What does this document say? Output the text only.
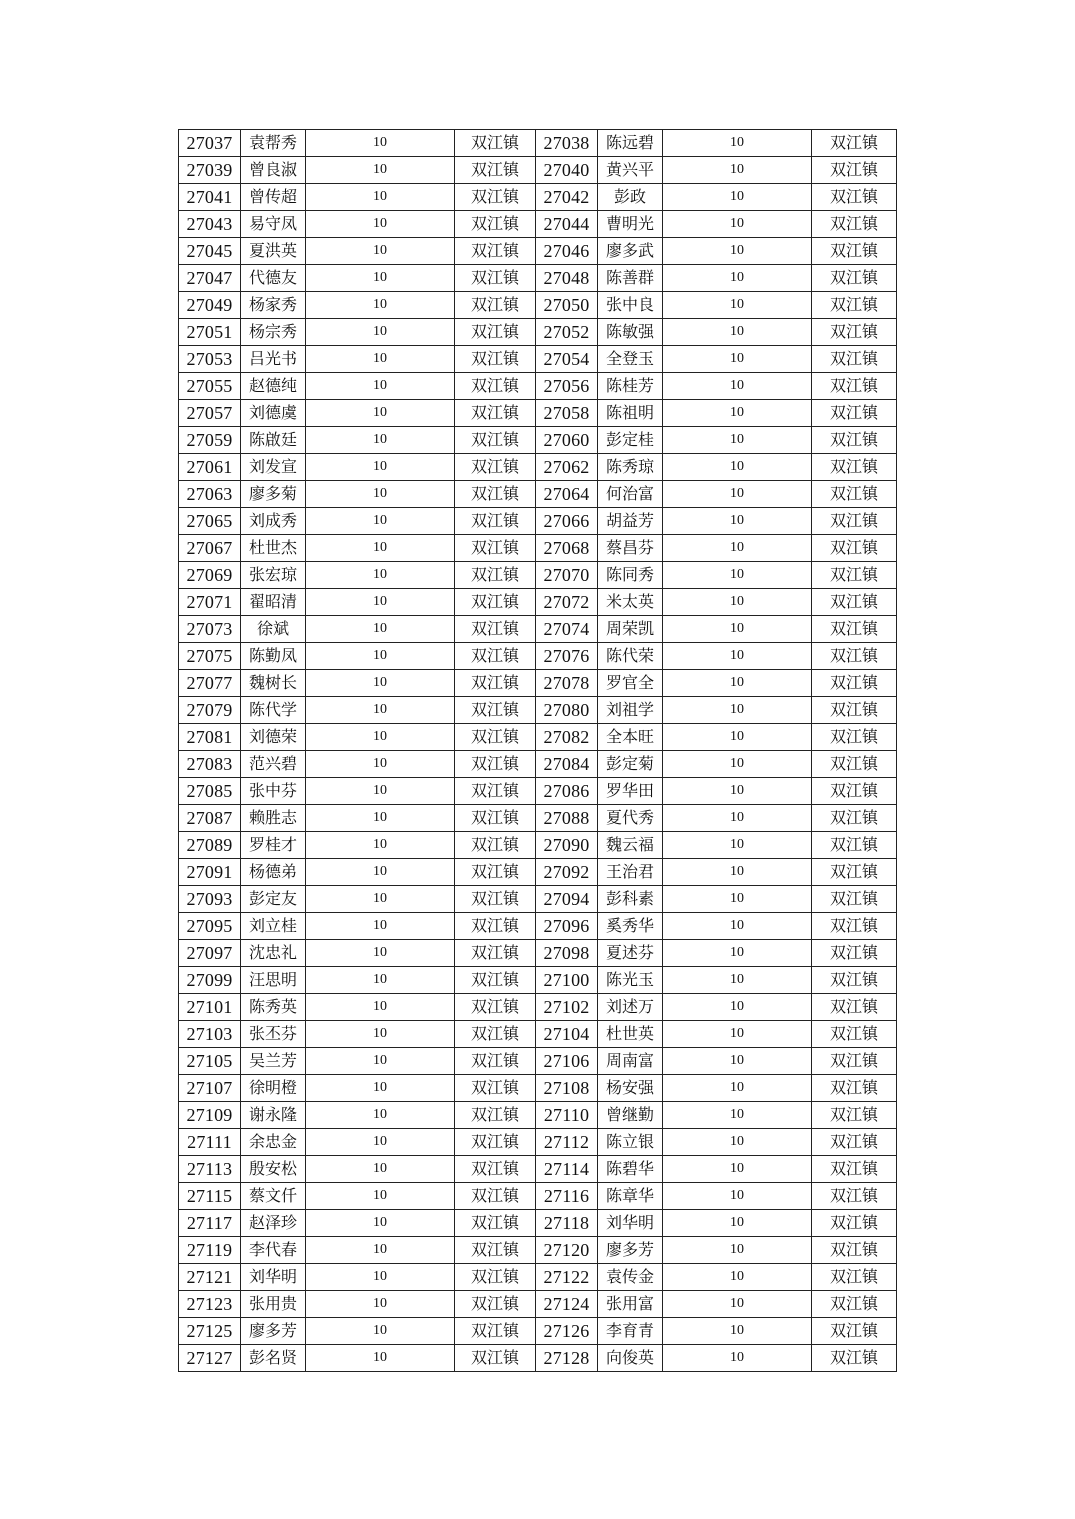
27037	袁帮秀	10	双江镇	27038	陈远碧	10	双江镇
27039	曾良淑	10	双江镇	27040	黄兴平	10	双江镇
27041	曾传超	10	双江镇	27042	彭政	10	双江镇
27043	易守凤	10	双江镇	27044	曹明光	10	双江镇
27045	夏洪英	10	双江镇	27046	廖多武	10	双江镇
27047	代德友	10	双江镇	27048	陈善群	10	双江镇
27049	杨家秀	10	双江镇	27050	张中良	10	双江镇
27051	杨宗秀	10	双江镇	27052	陈敏强	10	双江镇
27053	吕光书	10	双江镇	27054	全登玉	10	双江镇
27055	赵德纯	10	双江镇	27056	陈桂芳	10	双江镇
27057	刘德虞	10	双江镇	27058	陈祖明	10	双江镇
27059	陈啟廷	10	双江镇	27060	彭定桂	10	双江镇
27061	刘发宣	10	双江镇	27062	陈秀琼	10	双江镇
27063	廖多菊	10	双江镇	27064	何治富	10	双江镇
27065	刘成秀	10	双江镇	27066	胡益芳	10	双江镇
27067	杜世杰	10	双江镇	27068	蔡昌芬	10	双江镇
27069	张宏琼	10	双江镇	27070	陈同秀	10	双江镇
27071	翟昭清	10	双江镇	27072	米太英	10	双江镇
27073	徐斌	10	双江镇	27074	周荣凯	10	双江镇
27075	陈勤凤	10	双江镇	27076	陈代荣	10	双江镇
27077	魏树长	10	双江镇	27078	罗官全	10	双江镇
27079	陈代学	10	双江镇	27080	刘祖学	10	双江镇
27081	刘德荣	10	双江镇	27082	全本旺	10	双江镇
27083	范兴碧	10	双江镇	27084	彭定菊	10	双江镇
27085	张中芬	10	双江镇	27086	罗华田	10	双江镇
27087	赖胜志	10	双江镇	27088	夏代秀	10	双江镇
27089	罗桂才	10	双江镇	27090	魏云福	10	双江镇
27091	杨德弟	10	双江镇	27092	王治君	10	双江镇
27093	彭定友	10	双江镇	27094	彭科素	10	双江镇
27095	刘立桂	10	双江镇	27096	奚秀华	10	双江镇
27097	沈忠礼	10	双江镇	27098	夏述芬	10	双江镇
27099	汪思明	10	双江镇	27100	陈光玉	10	双江镇
27101	陈秀英	10	双江镇	27102	刘述万	10	双江镇
27103	张丕芬	10	双江镇	27104	杜世英	10	双江镇
27105	吴兰芳	10	双江镇	27106	周南富	10	双江镇
27107	徐明橙	10	双江镇	27108	杨安强	10	双江镇
27109	谢永隆	10	双江镇	27110	曾继勤	10	双江镇
27111	余忠金	10	双江镇	27112	陈立银	10	双江镇
27113	殷安松	10	双江镇	27114	陈碧华	10	双江镇
27115	蔡文仟	10	双江镇	27116	陈章华	10	双江镇
27117	赵泽珍	10	双江镇	27118	刘华明	10	双江镇
27119	李代春	10	双江镇	27120	廖多芳	10	双江镇
27121	刘华明	10	双江镇	27122	袁传金	10	双江镇
27123	张用贵	10	双江镇	27124	张用富	10	双江镇
27125	廖多芳	10	双江镇	27126	李育青	10	双江镇
27127	彭名贤	10	双江镇	27128	向俊英	10	双江镇
